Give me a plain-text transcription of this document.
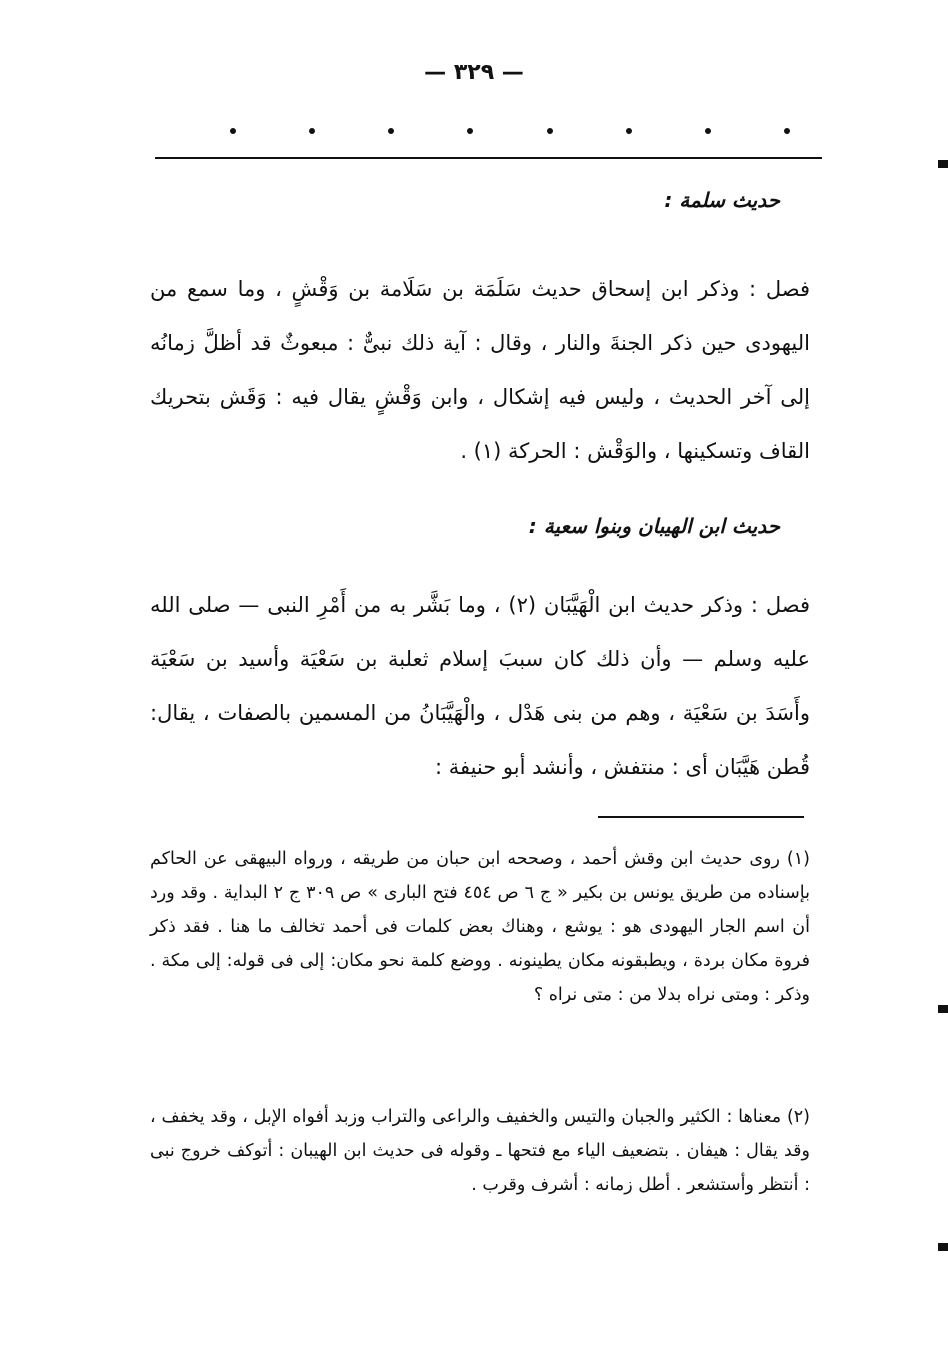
— ٣٢٩ —
حديث سلمة :
فصل : وذكر ابن إسحاق حديث سَلَمَة بن سَلَامة بن وَقْشٍ ، وما سمع من اليهودى حين ذكر الجنةَ والنار ، وقال : آية ذلك نبىٌّ : مبعوثٌ قد أظلَّ زمانُه إلى آخر الحديث ، وليس فيه إشكال ، وابن وَقْشٍ يقال فيه : وَقَش بتحريك القاف وتسكينها ، والوَقْش : الحركة (١) .
حديث ابن الهيبان وبنوا سعية :
فصل : وذكر حديث ابن الْهَيَّبَان (٢) ، وما بَشَّر به من أَمْرِ النبى — صلى الله عليه وسلم — وأن ذلك كان سببَ إسلام ثعلبة بن سَعْيَة وأسيد بن سَعْيَة وأَسَدَ بن سَعْيَة ، وهم من بنى هَدْل ، والْهَيَّبَانُ من المسمين بالصفات ، يقال: قُطن هَيَّبَان أى : منتفش ، وأنشد أبو حنيفة :
(١) روى حديث ابن وقش أحمد ، وصححه ابن حبان من طريقه ، ورواه البيهقى عن الحاكم بإسناده من طريق يونس بن بكير « ج ٦ ص ٤٥٤ فتح البارى » ص ٣٠٩ ج ٢ البداية . وقد ورد أن اسم الجار اليهودى هو : يوشع ، وهناك بعض كلمات فى أحمد تخالف ما هنا . فقد ذكر فروة مكان بردة ، ويطبقونه مكان يطينونه . ووضع كلمة نحو مكان: إلى فى قوله: إلى مكة . وذكر : ومتى نراه بدلا من : متى نراه ؟
(٢) معناها : الكثير والجبان والتيس والخفيف والراعى والتراب وزبد أفواه الإبل ، وقد يخفف ، وقد يقال : هيفان . بتضعيف الياء مع فتحها ـ وقوله فى حديث ابن الهيبان : أتوكف خروج نبى : أنتظر وأستشعر . أطل زمانه : أشرف وقرب .
